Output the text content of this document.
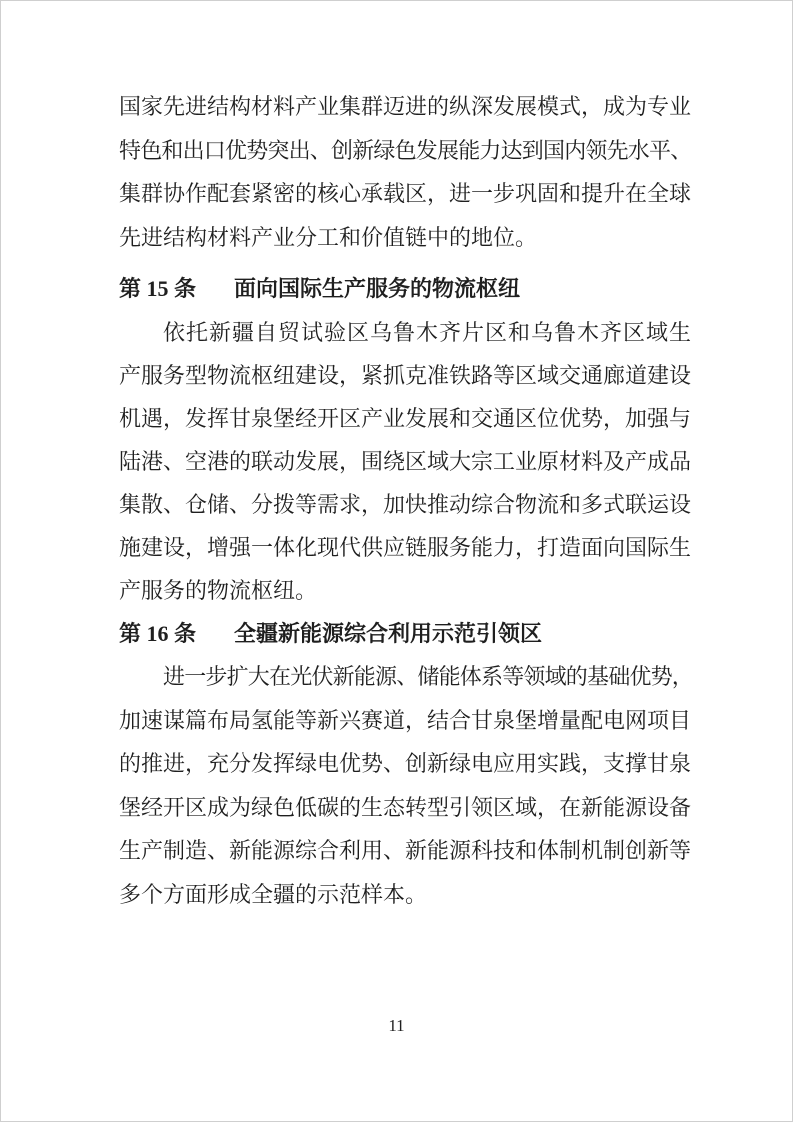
国家先进结构材料产业集群迈进的纵深发展模式，成为专业
特色和出口优势突出、创新绿色发展能力达到国内领先水平、
集群协作配套紧密的核心承载区，进一步巩固和提升在全球
先进结构材料产业分工和价值链中的地位。
第 15 条 面向国际生产服务的物流枢纽
依托新疆自贸试验区乌鲁木齐片区和乌鲁木齐区域生
产服务型物流枢纽建设，紧抓克准铁路等区域交通廊道建设
机遇，发挥甘泉堡经开区产业发展和交通区位优势，加强与
陆港、空港的联动发展，围绕区域大宗工业原材料及产成品
集散、仓储、分拨等需求，加快推动综合物流和多式联运设
施建设，增强一体化现代供应链服务能力，打造面向国际生
产服务的物流枢纽。
第 16 条 全疆新能源综合利用示范引领区
进一步扩大在光伏新能源、储能体系等领域的基础优势，
加速谋篇布局氢能等新兴赛道，结合甘泉堡增量配电网项目
的推进，充分发挥绿电优势、创新绿电应用实践，支撑甘泉
堡经开区成为绿色低碳的生态转型引领区域，在新能源设备
生产制造、新能源综合利用、新能源科技和体制机制创新等
多个方面形成全疆的示范样本。
11
